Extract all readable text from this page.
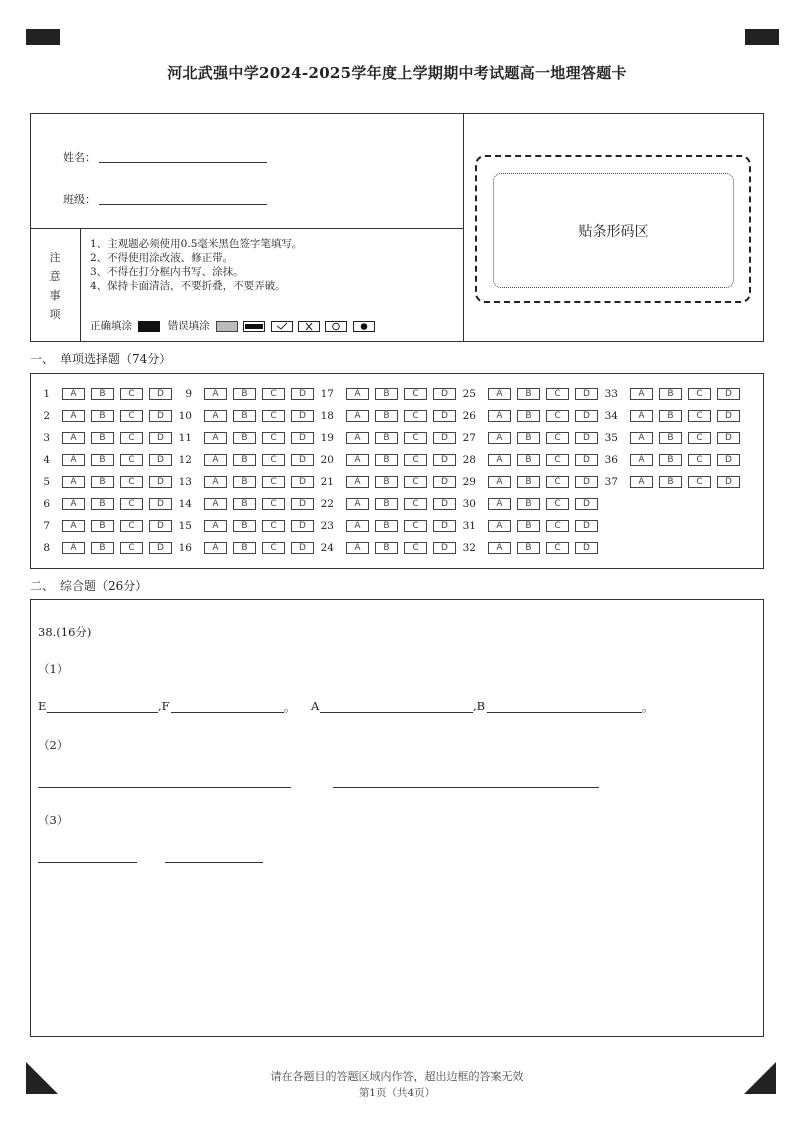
河北武强中学2024-2025学年度上学期期中考试题高一地理答题卡
姓名：
班级：
注
意
事
项
1、主观题必须使用0.5毫米黑色签字笔填写。
2、不得使用涂改液、修正带。
3、不得在打分框内书写、涂抹。
4、保持卡面清洁，不要折叠，不要弄破。
正确填涂	错误填涂

贴条形码区
一、　单项选择题（74分）
1	A	B	C	D
2	A	B	C	D
3	A	B	C	D
4	A	B	C	D
5	A	B	C	D
6	A	B	C	D
7	A	B	C	D
8	A	B	C	D
9	A	B	C	D
10	A	B	C	D
11	A	B	C	D
12	A	B	C	D
13	A	B	C	D
14	A	B	C	D
15	A	B	C	D
16	A	B	C	D
17	A	B	C	D
18	A	B	C	D
19	A	B	C	D
20	A	B	C	D
21	A	B	C	D
22	A	B	C	D
23	A	B	C	D
24	A	B	C	D
25	A	B	C	D
26	A	B	C	D
27	A	B	C	D
28	A	B	C	D
29	A	B	C	D
30	A	B	C	D
31	A	B	C	D
32	A	B	C	D
33	A	B	C	D
34	A	B	C	D
35	A	B	C	D
36	A	B	C	D
37	A	B	C	D
二、　综合题（26分）
38.(16分)
（1）
E	,F	。 A	,B	。
（2）
（3）
请在各题目的答题区域内作答，超出边框的答案无效
第1页（共4页）
